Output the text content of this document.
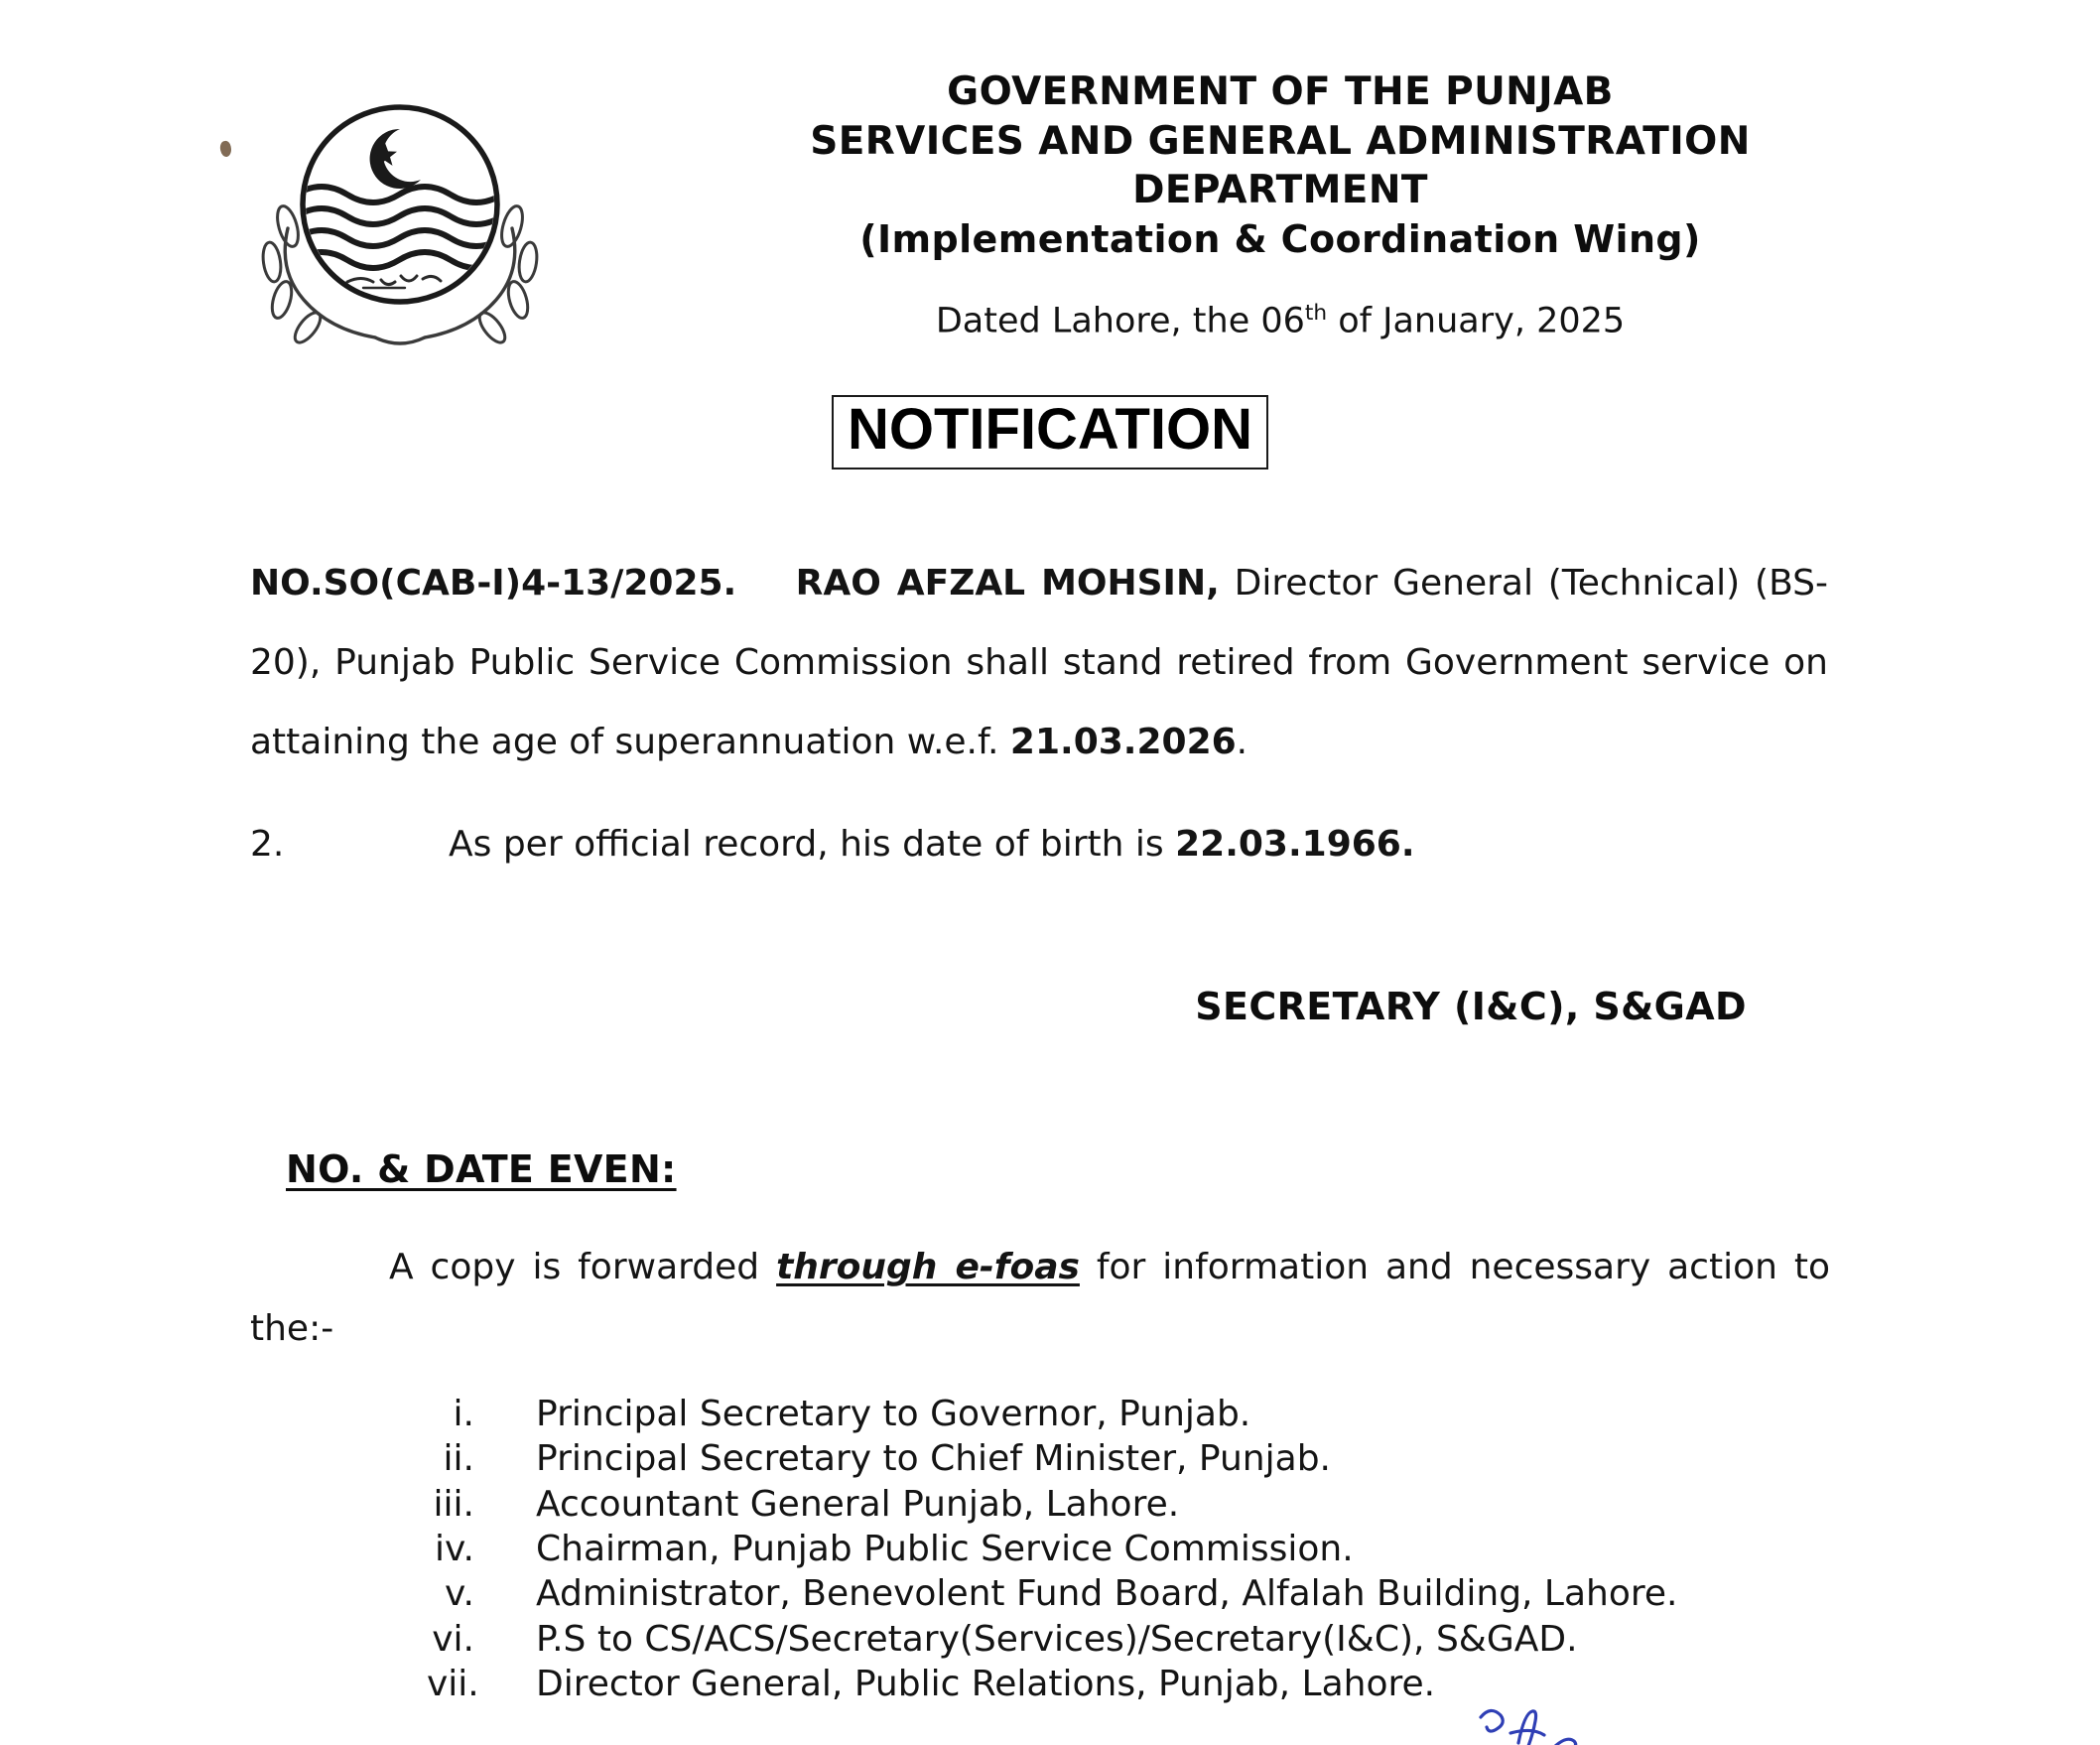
GOVERNMENT OF THE PUNJAB
SERVICES AND GENERAL ADMINISTRATION
DEPARTMENT
(Implementation & Coordination Wing)
Dated Lahore, the 06th of January, 2025
NOTIFICATION
NO.SO(CAB-I)4-13/2025. RAO AFZAL MOHSIN, Director General (Technical) (BS-20), Punjab Public Service Commission shall stand retired from Government service on attaining the age of superannuation w.e.f. 21.03.2026.
2.	As per official record, his date of birth is 22.03.1966.
SECRETARY (I&C), S&GAD
NO. & DATE EVEN:
A copy is forwarded through e-foas for information and necessary action to the:-
i.	Principal Secretary to Governor, Punjab.
ii.	Principal Secretary to Chief Minister, Punjab.
iii.	Accountant General Punjab, Lahore.
iv.	Chairman, Punjab Public Service Commission.
v.	Administrator, Benevolent Fund Board, Alfalah Building, Lahore.
vi.	P.S to CS/ACS/Secretary(Services)/Secretary(I&C), S&GAD.
vii.	Director General, Public Relations, Punjab, Lahore.
